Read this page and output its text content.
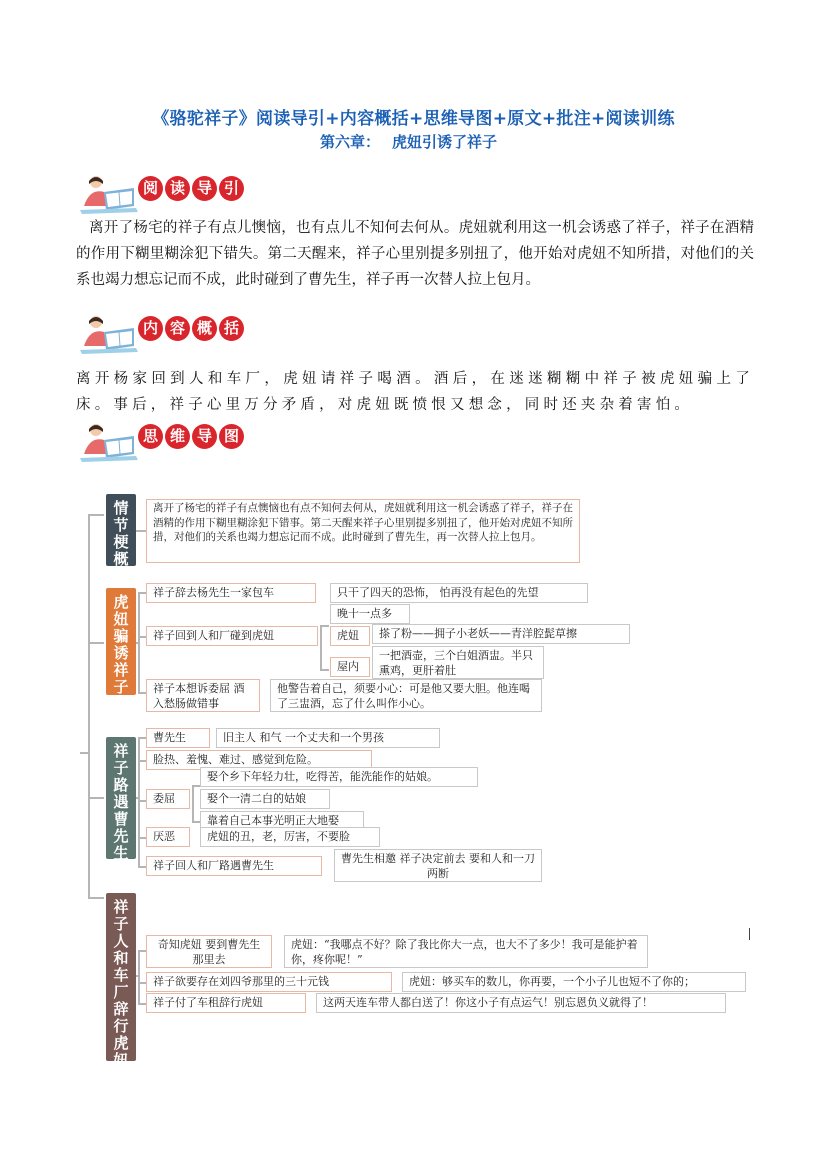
《骆驼祥子》阅读导引+内容概括+思维导图+原文+批注+阅读训练
第六章： 虎妞引诱了祥子
阅 读 导 引
离开了杨宅的祥子有点儿懊恼，也有点儿不知何去何从。虎妞就利用这一机会诱惑了祥子，祥子在酒精的作用下糊里糊涂犯下错失。第二天醒来，祥子心里别提多别扭了，他开始对虎妞不知所措，对他们的关系也竭力想忘记而不成，此时碰到了曹先生，祥子再一次替人拉上包月。
内 容 概 括
离开杨家回到人和车厂，虎妞请祥子喝酒。酒后，在迷迷糊糊中祥子被虎妞骗上了床。事后，祥子心里万分矛盾，对虎妞既愤恨又想念，同时还夹杂着害怕。
思 维 导 图
情
节
梗
概
虎
妞
骗
诱
祥
子
祥
子
路
遇
曹
先
生
祥
子
人
和
车
厂
辞
行
虎
妞
离开了杨宅的祥子有点懊恼也有点不知何去何从，虎妞就利用这一机会诱惑了祥子，祥子在酒精的作用下糊里糊涂犯下错事。第二天醒来祥子心里别提多别扭了，他开始对虎妞不知所措，对他们的关系也竭力想忘记而不成。此时碰到了曹先生，再一次替人拉上包月。
祥子辞去杨先生一家包车	只干了四天的恐怖， 怕再没有起色的先望
祥子回到人和厂碰到虎妞
晚十一点多
虎妞	搽了粉——拥子小老妖——青洋腔髭草擦
屋内
一把酒壶，三个白姐酒盅。半只熏鸡，更肝着肚
祥子本想诉委屈 酒入愁肠做错事
他警告着自己，须要小心：可是他又要大胆。他连喝了三盅酒，忘了什么叫作小心。
曹先生	旧主人 和气 一个丈夫和一个男孩
脸热、羞愧、难过、感觉到危险。
委屈
娶个乡下年轻力壮，吃得苦，能洗能作的姑娘。
娶个一清二白的姑娘
靠着自己本事光明正大地娶
厌恶	虎妞的丑，老，厉害，不要脸
祥子回人和厂路遇曹先生
曹先生相邀 祥子决定前去 要和人和一刀两断
奇知虎妞 要到曹先生那里去
虎妞：“我哪点不好？除了我比你大一点，也大不了多少！我可是能护着你，疼你呢！”
祥子欲要存在刘四爷那里的三十元钱	虎妞：够买车的数儿，你再要，一个小子儿也短不了你的；
祥子付了车租辞行虎妞	这两天连车带人都白送了！你这小子有点运气！别忘恩负义就得了！
